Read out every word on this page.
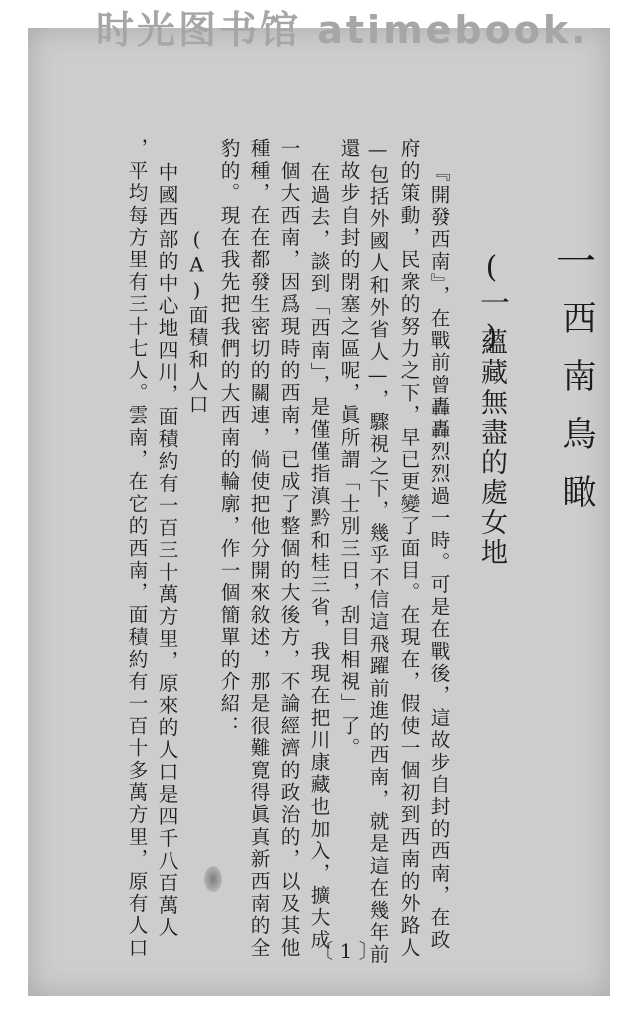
时光图书馆 atimebook.
一
西南鳥瞰
(一)
蘊藏無盡的處女地
『開發西南』，在戰前曾轟轟烈烈過一時。可是在戰後，這故步自封的西南，在政
府的策動，民衆的努力之下，早已更變了面目。在現在，假使一個初到西南的外路人
—包括外國人和外省人—，驟視之下，幾乎不信這飛躍前進的西南，就是這在幾年前
還故步自封的閉塞之區呢，眞所謂「士別三日，刮目相視」了。
在過去，談到「西南」，是僅僅指滇黔和桂三省，我現在把川康藏也加入，擴大成
一個大西南，因爲現時的西南，已成了整個的大後方，不論經濟的政治的，以及其他
種種，在在都發生密切的關連，倘使把他分開來敘述，那是很難寛得眞真新西南的全
豹的。現在我先把我們的大西南的輪廓，作一個簡單的介紹：
(A)面積和人口
中國西部的中心地四川，面積約有一百三十萬方里，原來的人口是四千八百萬人
，平均每方里有三十七人。雲南，在它的西南，面積約有一百十多萬方里，原有人口	〔 1 〕
